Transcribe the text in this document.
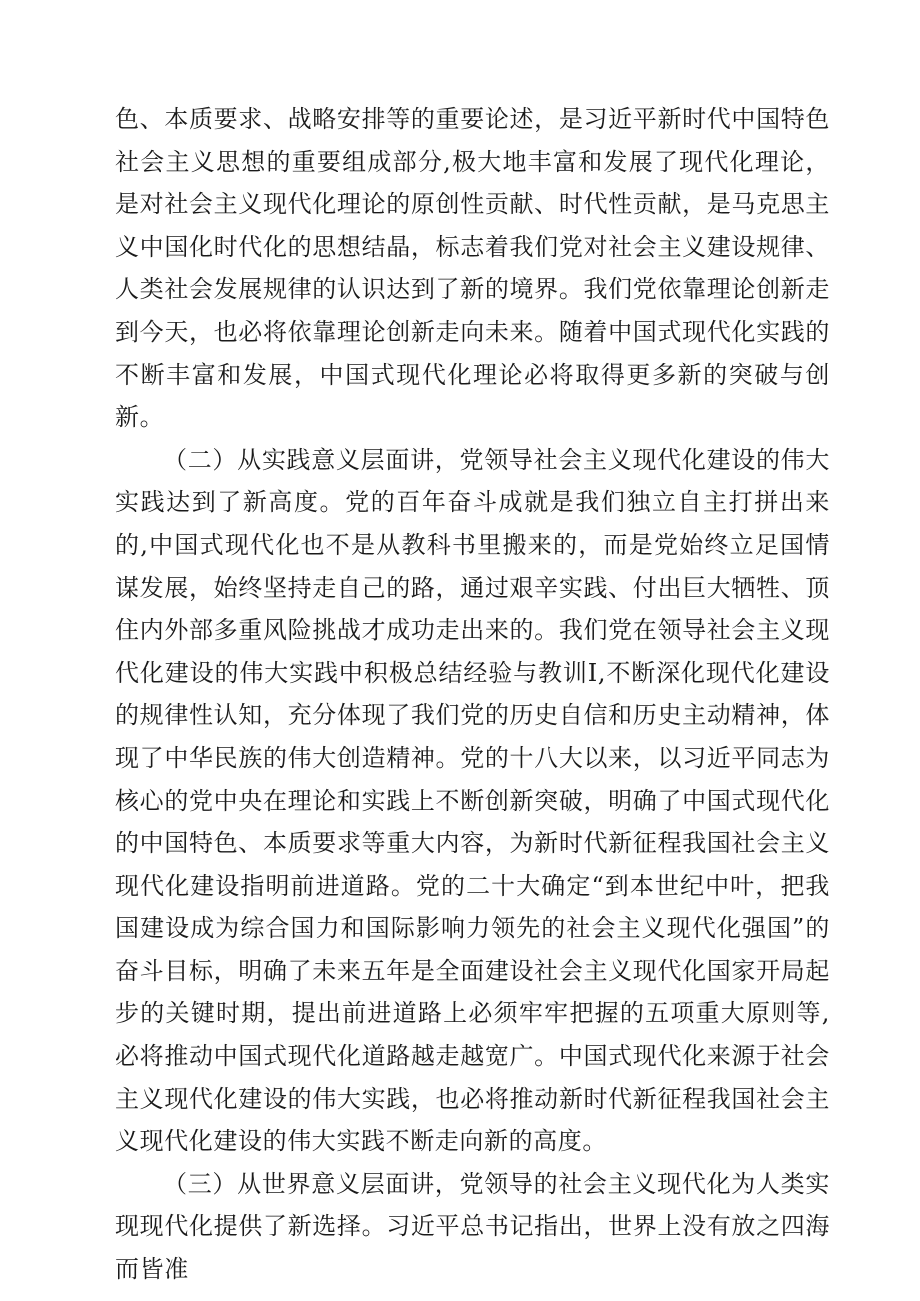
色、本质要求、战略安排等的重要论述，是习近平新时代中国特色社会主义思想的重要组成部分,极大地丰富和发展了现代化理论，是对社会主义现代化理论的原创性贡献、时代性贡献，是马克思主义中国化时代化的思想结晶，标志着我们党对社会主义建设规律、人类社会发展规律的认识达到了新的境界。我们党依靠理论创新走到今天，也必将依靠理论创新走向未来。随着中国式现代化实践的不断丰富和发展，中国式现代化理论必将取得更多新的突破与创新。

（二）从实践意义层面讲，党领导社会主义现代化建设的伟大实践达到了新高度。党的百年奋斗成就是我们独立自主打拼出来的,中国式现代化也不是从教科书里搬来的，而是党始终立足国情谋发展，始终坚持走自己的路，通过艰辛实践、付出巨大牺牲、顶住内外部多重风险挑战才成功走出来的。我们党在领导社会主义现代化建设的伟大实践中积极总结经验与教训I,不断深化现代化建设的规律性认知，充分体现了我们党的历史自信和历史主动精神，体现了中华民族的伟大创造精神。党的十八大以来，以习近平同志为核心的党中央在理论和实践上不断创新突破，明确了中国式现代化的中国特色、本质要求等重大内容，为新时代新征程我国社会主义现代化建设指明前进道路。党的二十大确定“到本世纪中叶，把我国建设成为综合国力和国际影响力领先的社会主义现代化强国”的奋斗目标，明确了未来五年是全面建设社会主义现代化国家开局起步的关键时期，提出前进道路上必须牢牢把握的五项重大原则等,必将推动中国式现代化道路越走越宽广。中国式现代化来源于社会主义现代化建设的伟大实践，也必将推动新时代新征程我国社会主义现代化建设的伟大实践不断走向新的高度。

（三）从世界意义层面讲，党领导的社会主义现代化为人类实现现代化提供了新选择。习近平总书记指出，世界上没有放之四海而皆准
